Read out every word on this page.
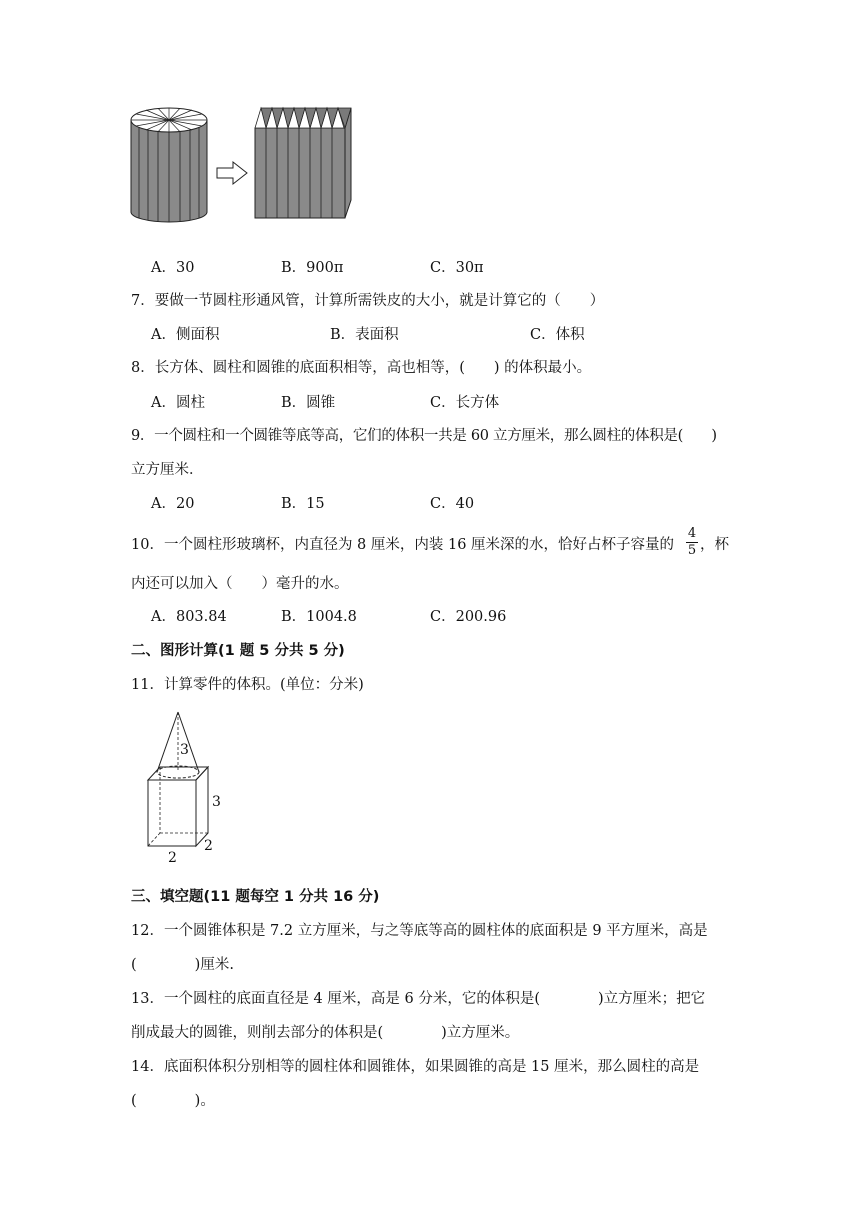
A．30	B．900π	C．30π
7．要做一节圆柱形通风管，计算所需铁皮的大小，就是计算它的（　　）
A．侧面积	B．表面积	C．体积
8．长方体、圆柱和圆锥的底面积相等，高也相等，(　　) 的体积最小。
A．圆柱	B．圆锥	C．长方体
9．一个圆柱和一个圆锥等底等高，它们的体积一共是 60 立方厘米，那么圆柱的体积是(　　)
立方厘米．
A．20	B．15	C．40
10．一个圆柱形玻璃杯，内直径为 8 厘米，内装 16 厘米深的水，恰好占杯子容量的
4
5 ，杯
内还可以加入（　　）毫升的水。
A．803.84	B．1004.8	C．200.96
二、图形计算(1 题 5 分共 5 分)
11．计算零件的体积。(单位：分米)
3
3
2
2
三、填空题(11 题每空 1 分共 16 分)
12．一个圆锥体积是 7.2 立方厘米，与之等底等高的圆柱体的底面积是 9 平方厘米，高是
(　　　　)厘米.
13．一个圆柱的底面直径是 4 厘米，高是 6 分米，它的体积是(　　　　)立方厘米；把它
削成最大的圆锥，则削去部分的体积是(　　　　)立方厘米。
14．底面积体积分别相等的圆柱体和圆锥体，如果圆锥的高是 15 厘米，那么圆柱的高是
(　　　　)。
